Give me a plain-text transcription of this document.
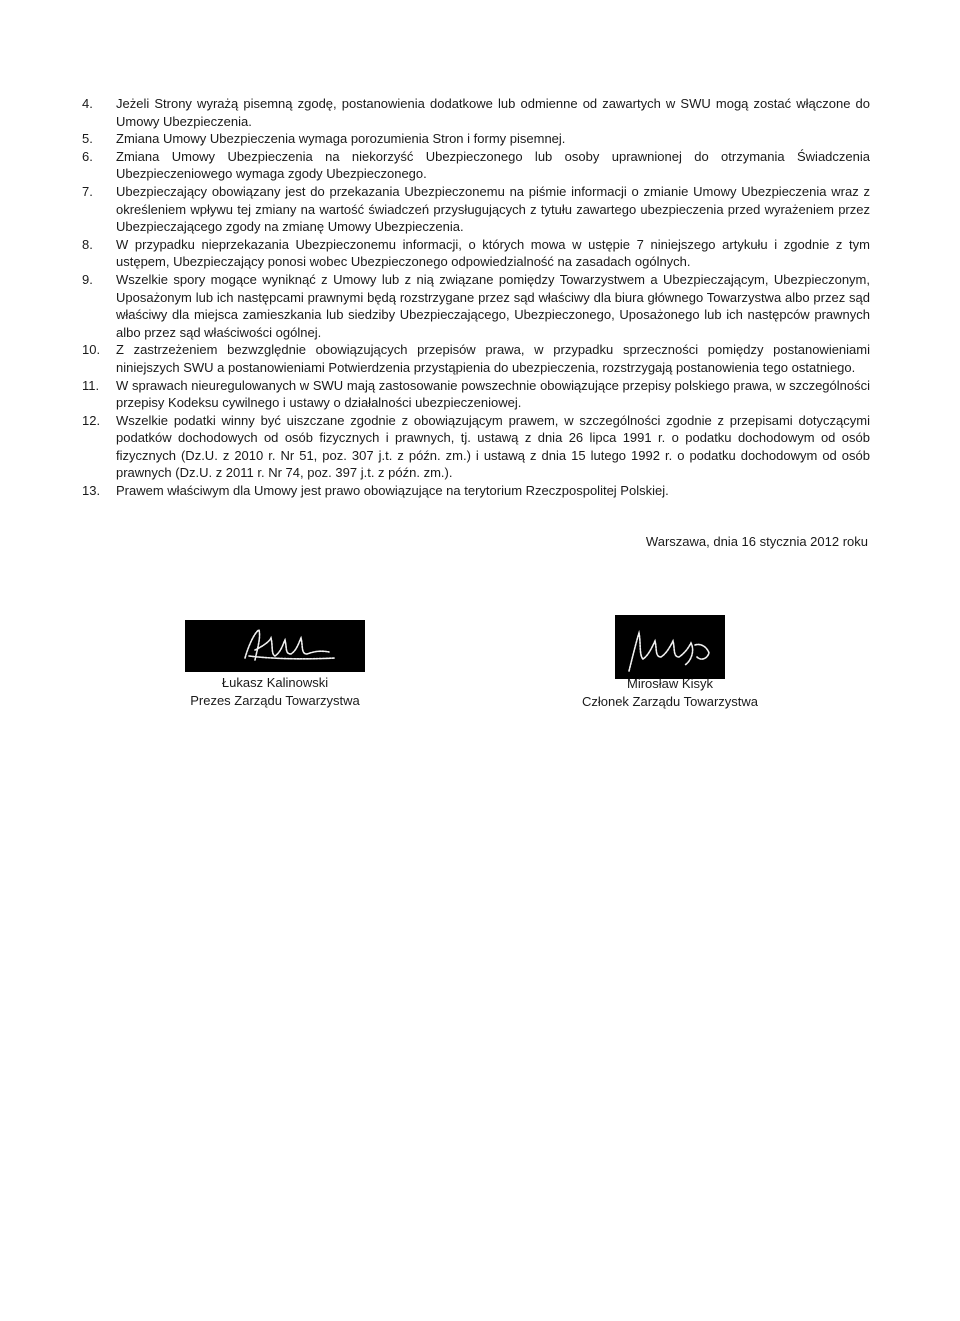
4.	Jeżeli Strony wyrażą pisemną zgodę, postanowienia dodatkowe lub odmienne od zawartych w SWU mogą zostać włączone do Umowy Ubezpieczenia.
5.	Zmiana Umowy Ubezpieczenia wymaga porozumienia Stron i formy pisemnej.
6.	Zmiana Umowy Ubezpieczenia na niekorzyść Ubezpieczonego lub osoby uprawnionej do otrzymania Świadczenia Ubezpieczeniowego wymaga zgody Ubezpieczonego.
7.	Ubezpieczający obowiązany jest do przekazania Ubezpieczonemu na piśmie informacji o zmianie Umowy Ubezpieczenia wraz z określeniem wpływu tej zmiany na wartość świadczeń przysługujących z tytułu zawartego ubezpieczenia przed wyrażeniem przez Ubezpieczającego zgody na zmianę Umowy Ubezpieczenia.
8.	W przypadku nieprzekazania Ubezpieczonemu informacji, o których mowa w ustępie 7 niniejszego artykułu i zgodnie z tym ustępem, Ubezpieczający ponosi wobec Ubezpieczonego odpowiedzialność na zasadach ogólnych.
9.	Wszelkie spory mogące wyniknąć z Umowy lub z nią związane pomiędzy Towarzystwem a Ubezpieczającym, Ubezpieczonym, Uposażonym lub ich następcami prawnymi będą rozstrzygane przez sąd właściwy dla biura głównego Towarzystwa albo przez sąd właściwy dla miejsca zamieszkania lub siedziby Ubezpieczającego, Ubezpieczonego, Uposażonego lub ich następców prawnych albo przez sąd właściwości ogólnej.
10.	Z zastrzeżeniem bezwzględnie obowiązujących przepisów prawa, w przypadku sprzeczności pomiędzy postanowieniami niniejszych SWU a postanowieniami Potwierdzenia przystąpienia do ubezpieczenia, rozstrzygają postanowienia tego ostatniego.
11.	W sprawach nieuregulowanych w SWU mają zastosowanie powszechnie obowiązujące przepisy polskiego prawa, w szczególności przepisy Kodeksu cywilnego i ustawy o działalności ubezpieczeniowej.
12.	Wszelkie podatki winny być uiszczane zgodnie z obowiązującym prawem, w szczególności zgodnie z przepisami dotyczącymi podatków dochodowych od osób fizycznych i prawnych, tj. ustawą z dnia 26 lipca 1991 r. o podatku dochodowym od osób fizycznych (Dz.U. z 2010 r. Nr 51, poz. 307 j.t. z późn. zm.) i ustawą z dnia 15 lutego 1992 r. o podatku dochodowym od osób prawnych (Dz.U. z 2011 r. Nr 74, poz. 397 j.t. z późn. zm.).
13.	Prawem właściwym dla Umowy jest prawo obowiązujące na terytorium Rzeczpospolitej Polskiej.
Warszawa, dnia 16 stycznia 2012 roku
Łukasz Kalinowski
Prezes Zarządu Towarzystwa
Mirosław Kisyk
Członek Zarządu Towarzystwa
